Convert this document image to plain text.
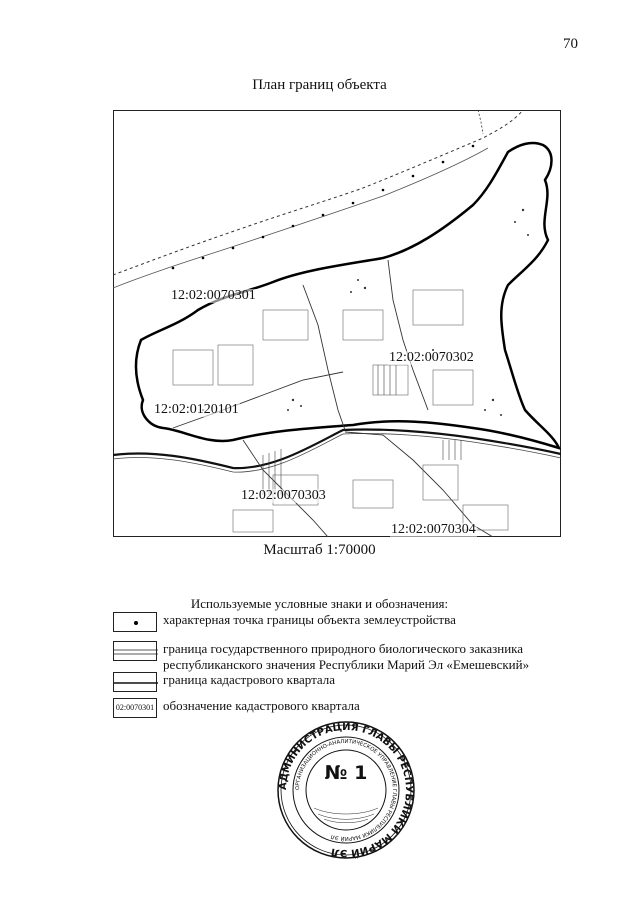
70
План границ объекта
12:02:0070301
12:02:0070302
12:02:0120101
12:02:0070303
12:02:0070304
Масштаб 1:70000
Используемые условные знаки и обозначения:
характерная точка границы объекта землеустройства
граница государственного природного биологического заказника республиканского значения Республики Марий Эл «Емешевский»
граница кадастрового квартала
02:0070301 обозначение кадастрового квартала
АДМИНИСТРАЦИЯ ГЛАВЫ РЕСПУБЛИКИ МАРИЙ ЭЛ
ОРГАНИЗАЦИОННО-АНАЛИТИЧЕСКОЕ УПРАВЛЕНИЕ ГЛАВЫ РЕСПУБЛИКИ МАРИЙ ЭЛ
№ 1
